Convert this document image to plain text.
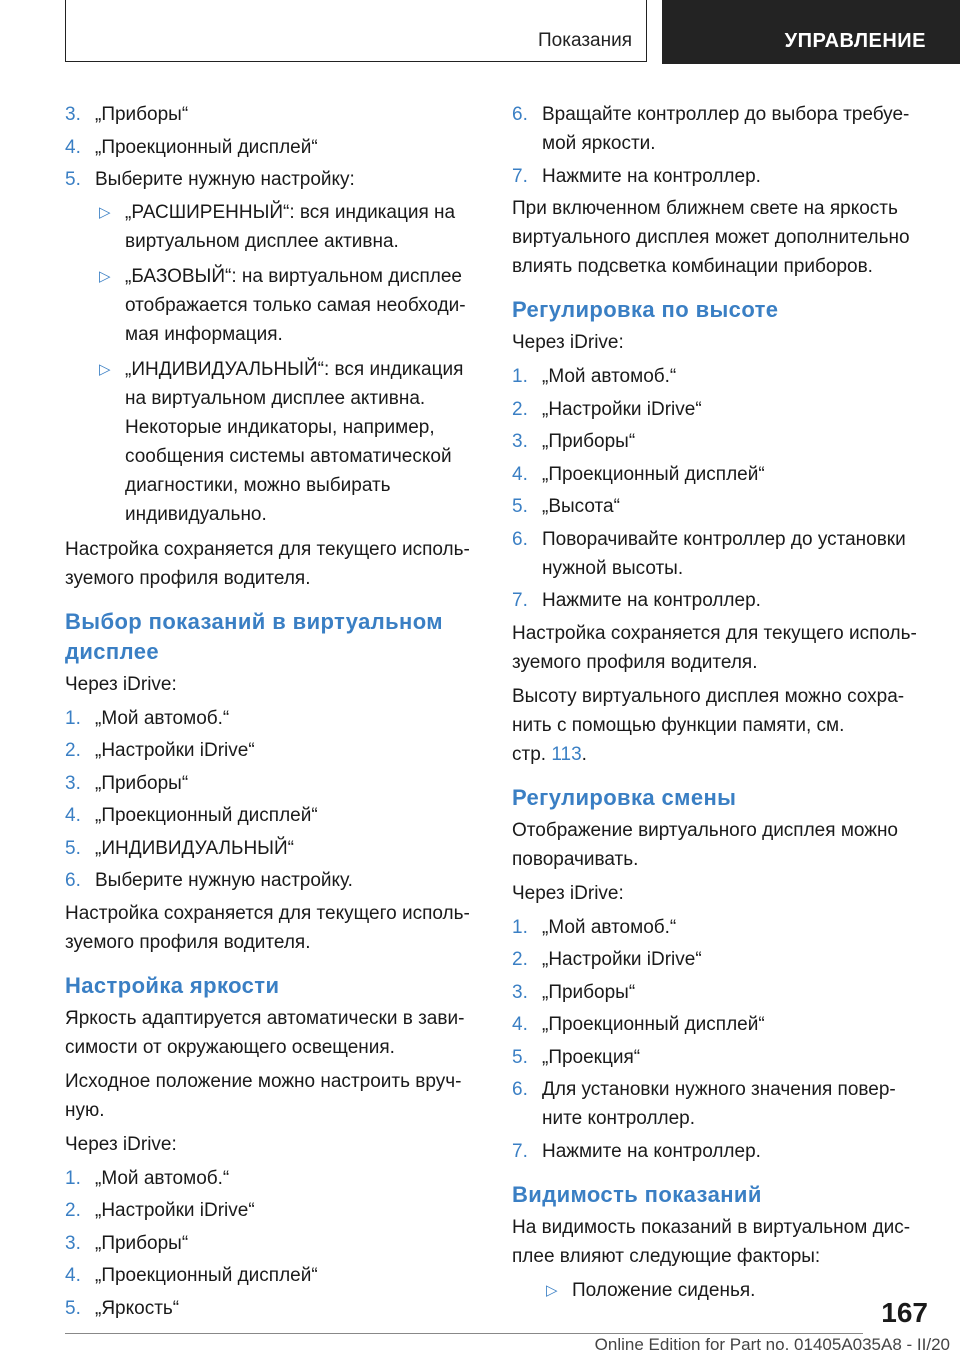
Показания	УПРАВЛЕНИЕ
3. „Приборы“
4. „Проекционный дисплей“
5. Выберите нужную настройку:
▷ „РАСШИРЕННЫЙ“: вся индикация на виртуальном дисплее активна.
▷ „БАЗОВЫЙ“: на виртуальном дисплее отображается только самая необходимая информация.
▷ „ИНДИВИДУАЛЬНЫЙ“: вся индикация на виртуальном дисплее активна. Некоторые индикаторы, например, сообщения системы автоматической диагностики, можно выбирать индивидуально.

Настройка сохраняется для текущего используемого профиля водителя.

Выбор показаний в виртуальном дисплее

Через iDrive:

1. „Мой автомоб.“
2. „Настройки iDrive“
3. „Приборы“
4. „Проекционный дисплей“
5. „ИНДИВИДУАЛЬНЫЙ“
6. Выберите нужную настройку.

Настройка сохраняется для текущего используемого профиля водителя.

Настройка яркости

Яркость адаптируется автоматически в зависимости от окружающего освещения.

Исходное положение можно настроить вручную.

Через iDrive:

1. „Мой автомоб.“
2. „Настройки iDrive“
3. „Приборы“
4. „Проекционный дисплей“
5. „Яркость“
6. Вращайте контроллер до выбора требуемой яркости.
7. Нажмите на контроллер.

При включенном ближнем свете на яркость виртуального дисплея может дополнительно влиять подсветка комбинации приборов.

Регулировка по высоте

Через iDrive:

1. „Мой автомоб.“
2. „Настройки iDrive“
3. „Приборы“
4. „Проекционный дисплей“
5. „Высота“
6. Поворачивайте контроллер до установки нужной высоты.
7. Нажмите на контроллер.

Настройка сохраняется для текущего используемого профиля водителя.

Высоту виртуального дисплея можно сохранить с помощью функции памяти, см. стр. 113.

Регулировка смены

Отображение виртуального дисплея можно поворачивать.

Через iDrive:

1. „Мой автомоб.“
2. „Настройки iDrive“
3. „Приборы“
4. „Проекционный дисплей“
5. „Проекция“
6. Для установки нужного значения поверните контроллер.
7. Нажмите на контроллер.
Видимость показаний

На видимость показаний в виртуальном дисплее влияют следующие факторы:

▷ Положение сиденья.
167
Online Edition for Part no. 01405A035A8 - II/20
